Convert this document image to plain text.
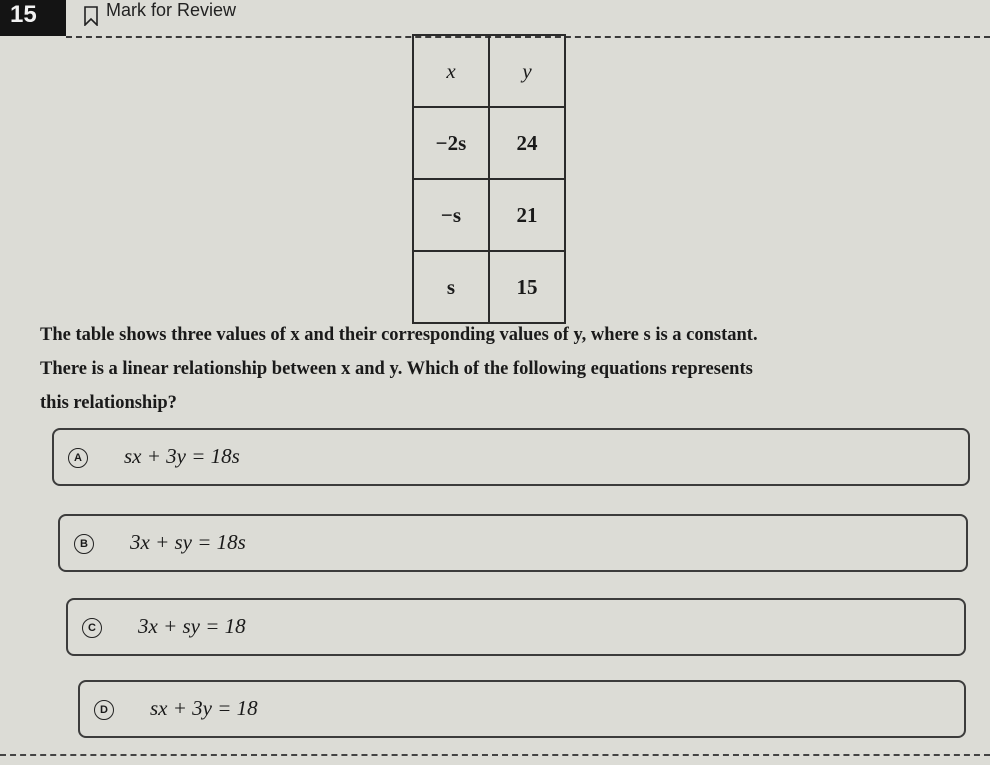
15	Mark for Review
x	y
−2s	24
−s	21
s	15
The table shows three values of x and their corresponding values of y, where s is a constant.
There is a linear relationship between x and y. Which of the following equations represents
this relationship?
A sx + 3y = 18s
B 3x + sy = 18s
C 3x + sy = 18
D sx + 3y = 18
